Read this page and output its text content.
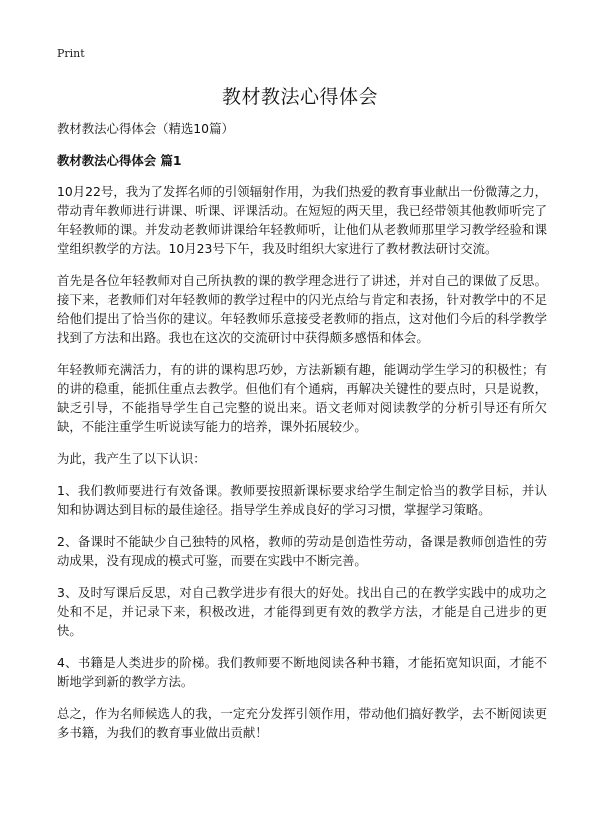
Print
教材教法心得体会

教材教法心得体会（精选10篇）

教材教法心得体会 篇1

10月22号，我为了发挥名师的引领辐射作用，为我们热爱的教育事业献出一份微薄之力，带动青年教师进行讲课、听课、评课活动。在短短的两天里，我已经带领其他教师听完了年轻教师的课。并发动老教师讲课给年轻教师听，让他们从老教师那里学习教学经验和课堂组织教学的方法。10月23号下午，我及时组织大家进行了教材教法研讨交流。

首先是各位年轻教师对自己所执教的课的教学理念进行了讲述，并对自己的课做了反思。接下来，老教师们对年轻教师的教学过程中的闪光点给与肯定和表扬，针对教学中的不足给他们提出了恰当你的建议。年轻教师乐意接受老教师的指点，这对他们今后的科学教学找到了方法和出路。我也在这次的交流研讨中获得颇多感悟和体会。

年轻教师充满活力，有的讲的课构思巧妙，方法新颖有趣，能调动学生学习的积极性；有的讲的稳重，能抓住重点去教学。但他们有个通病，再解决关键性的要点时，只是说教，缺乏引导，不能指导学生自己完整的说出来。语文老师对阅读教学的分析引导还有所欠缺，不能注重学生听说读写能力的培养，课外拓展较少。

为此，我产生了以下认识：

1、我们教师要进行有效备课。教师要按照新课标要求给学生制定恰当的教学目标，并认知和协调达到目标的最佳途径。指导学生养成良好的学习习惯，掌握学习策略。

2、备课时不能缺少自己独特的风格，教师的劳动是创造性劳动，备课是教师创造性的劳动成果，没有现成的模式可鉴，而要在实践中不断完善。

3、及时写课后反思，对自己教学进步有很大的好处。找出自己的在教学实践中的成功之处和不足，并记录下来，积极改进，才能得到更有效的教学方法，才能是自己进步的更快。

4、书籍是人类进步的阶梯。我们教师要不断地阅读各种书籍，才能拓宽知识面，才能不断地学到新的教学方法。

总之，作为名师候选人的我，一定充分发挥引领作用，带动他们搞好教学，去不断阅读更多书籍，为我们的教育事业做出贡献！
